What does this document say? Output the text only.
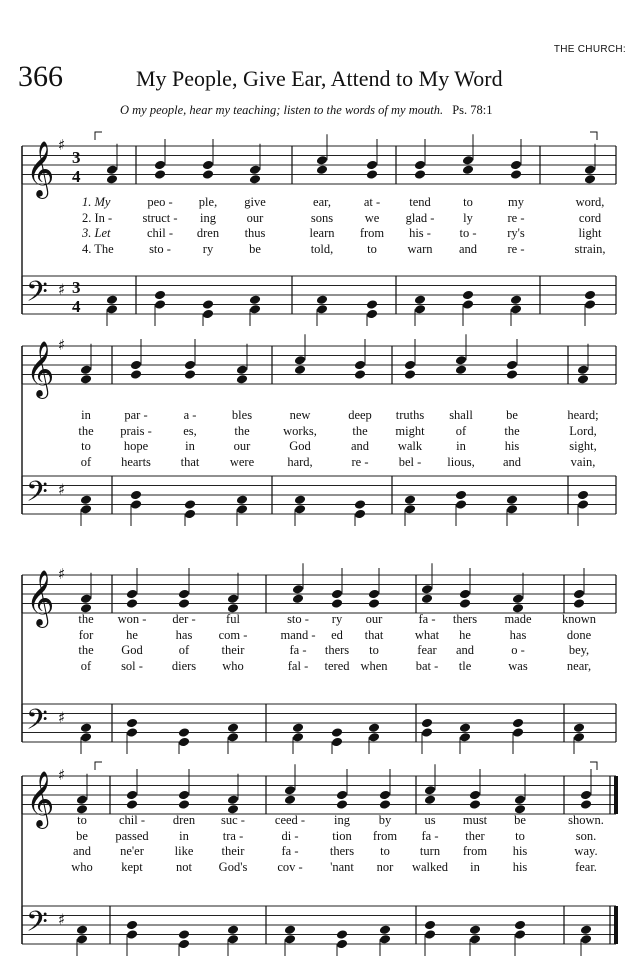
THE CHURCH:
366	My People, Give Ear, Attend to My Word
O my people, hear my teaching; listen to the words of my mouth. Ps. 78:1
𝄞 ♯
3
4
𝄢 ♯ 3
4
1. My	peo - ple, give	ear,	at - tend	to	my	word,
2. In - struct - ing our	sons	we glad - ly	re -	cord
3. Let	chil - dren thus	learn from his - to - ry's	light
4. The	sto -	ry	be	told,	to warn and re -	strain,
𝄞 ♯
𝄢 ♯
in	par -	a -	bles	new	deep truths shall	be	heard;
the prais -	es,	the	works,	the might of	the	Lord,
to	hope	in	our	God	and walk	in	his	sight,
of hearts that were	hard,	re - bel - lious, and	vain,
𝄞 ♯
𝄢 ♯
the won - der - ful	sto - ry our	fa - thers made known
for	he	has com -	mand - ed that	what he	has	done
the God	of	their	fa - thers to	fear and	o -	bey,
of sol - diers who	fal - tered when bat - tle	was	near,
𝄞 ♯
𝄢 ♯
to	chil - dren suc - ceed - ing by	us must be	shown.
be passed in	tra -	di -	tion from fa - ther to	son.
and ne'er like their	fa -	thers to turn from his	way.
who kept	not God's cov - 'nant nor walked in	his	fear.
